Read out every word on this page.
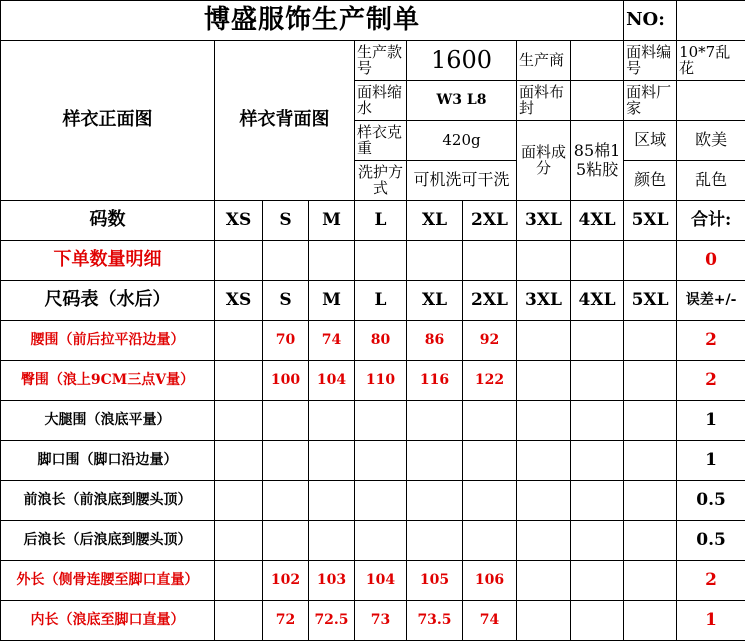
博盛服饰生产制单									NO:	
样衣正面图	样衣背面图			生产款号	1600		生产商		面料编号	10*7乱花
				面料缩水	W3 L8		面料布封		面料厂家	
				样衣克重	420g		面料成分	85棉15粘胶	区域	欧美
				洗护方式	可机洗可干洗				颜色	乱色
码数	XS	S	M	L	XL	2XL	3XL	4XL	5XL	合计:
下单数量明细										0
尺码表（水后）	XS	S	M	L	XL	2XL	3XL	4XL	5XL	误差+/-
腰围（前后拉平沿边量）		70	74	80	86	92				2
臀围（浪上9CM三点V量）		100	104	110	116	122				2
大腿围（浪底平量）										1
脚口围（脚口沿边量）										1
前浪长（前浪底到腰头顶）										0.5
后浪长（后浪底到腰头顶）										0.5
外长（侧骨连腰至脚口直量）		102	103	104	105	106				2
内长（浪底至脚口直量）		72	72.5	73	73.5	74				1
